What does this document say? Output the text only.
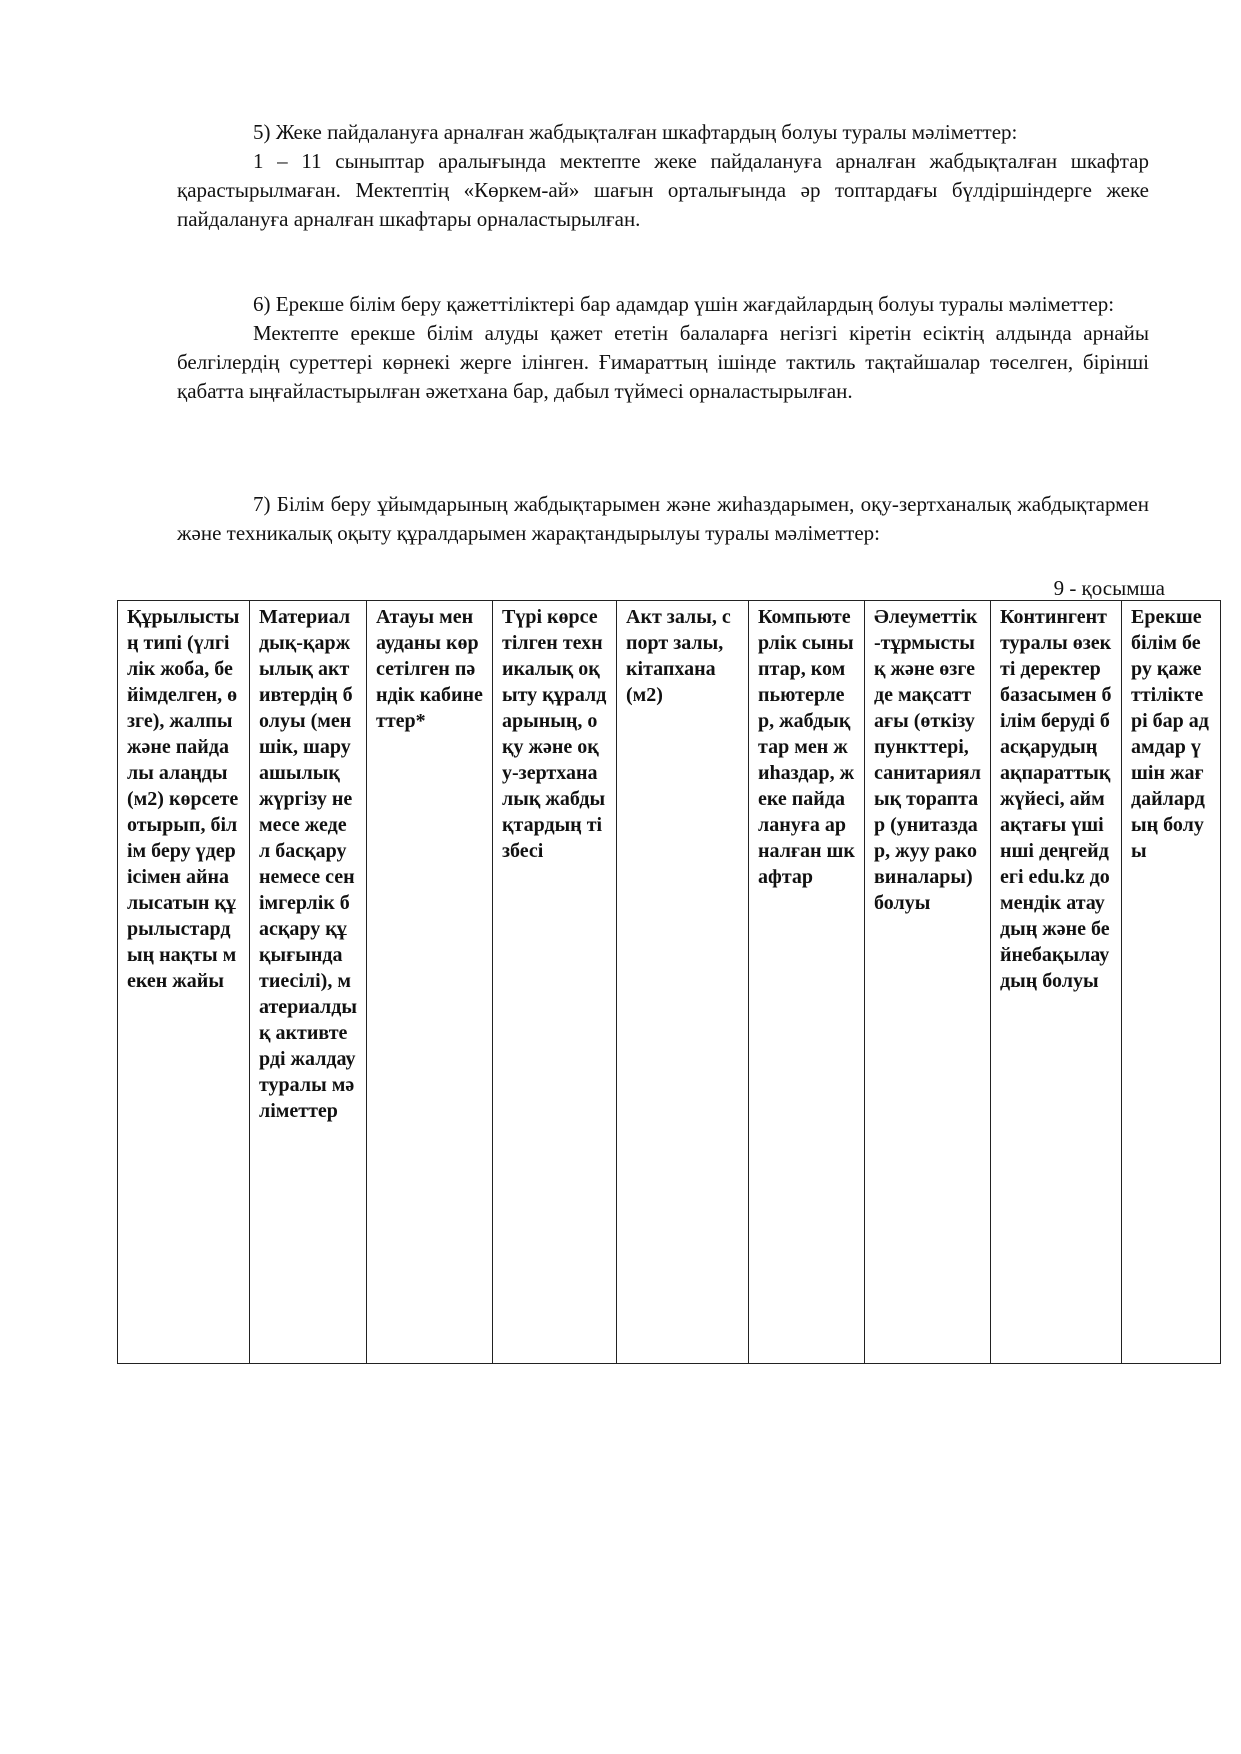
5) Жеке пайдалануға арналған жабдықталған шкафтардың болуы туралы мәліметтер:

1 – 11 сыныптар аралығында мектепте жеке пайдалануға арналған жабдықталған шкафтар қарастырылмаған. Мектептің «Көркем-ай» шағын орталығында әр топтардағы бүлдіршіндерге жеке пайдалануға арналған шкафтары орналастырылған.

6) Ерекше білім беру қажеттіліктері бар адамдар үшін жағдайлардың болуы туралы мәліметтер:

Мектепте ерекше білім алуды қажет ететін балаларға негізгі кіретін есіктің алдында арнайы белгілердің суреттері көрнекі жерге ілінген. Ғимараттың ішінде тактиль тақтайшалар төселген, бірінші қабатта ыңғайластырылған әжетхана бар, дабыл түймесі орналастырылған.

7) Білім беру ұйымдарының жабдықтарымен және жиһаздарымен, оқу-зертханалық жабдықтармен және техникалық оқыту құралдарымен жарақтандырылуы туралы мәліметтер:

9 - қосымша
Құрылыстың типі (үлгілік жоба, бейімделген, өзге), жалпы және пайдалы алаңды (м2) көрсете отырып, білім беру үдерісімен айналысатын құрылыстардың нақты мекен жайы	Материалдық-қаржылық активтердің болуы (меншік, шаруашылық жүргізу немесе жедел басқару немесе сенімгерлік басқару құқығында тиесілі), материалдық активтерді жалдау туралы мәліметтер	Атауы мен ауданы көрсетілген пәндік кабинеттер*	Түрі көрсетілген техникалық оқыту құралдарының, оқу және оқу-зертханалық жабдықтардың тізбесі	Акт залы, спорт залы, кітапхана (м2)	Компьютерлік сыныптар, компьютерлер, жабдықтар мен жиһаздар, жеке пайдалануға арналған шкафтар	Әлеуметтік-тұрмыстық және өзге де мақсаттағы (өткізу пункттері, санитариялық тораптар (унитаздар, жуу раковиналары) болуы	Контингент туралы өзекті деректер базасымен білім беруді басқарудың ақпараттық жүйесі, аймақтағы үшінші деңгейдегі edu.kz домендік атаудың және бейнебақылаудың болуы	Ерекше білім беру қажеттіліктері бар адамдар үшін жағдайлардың болуы
